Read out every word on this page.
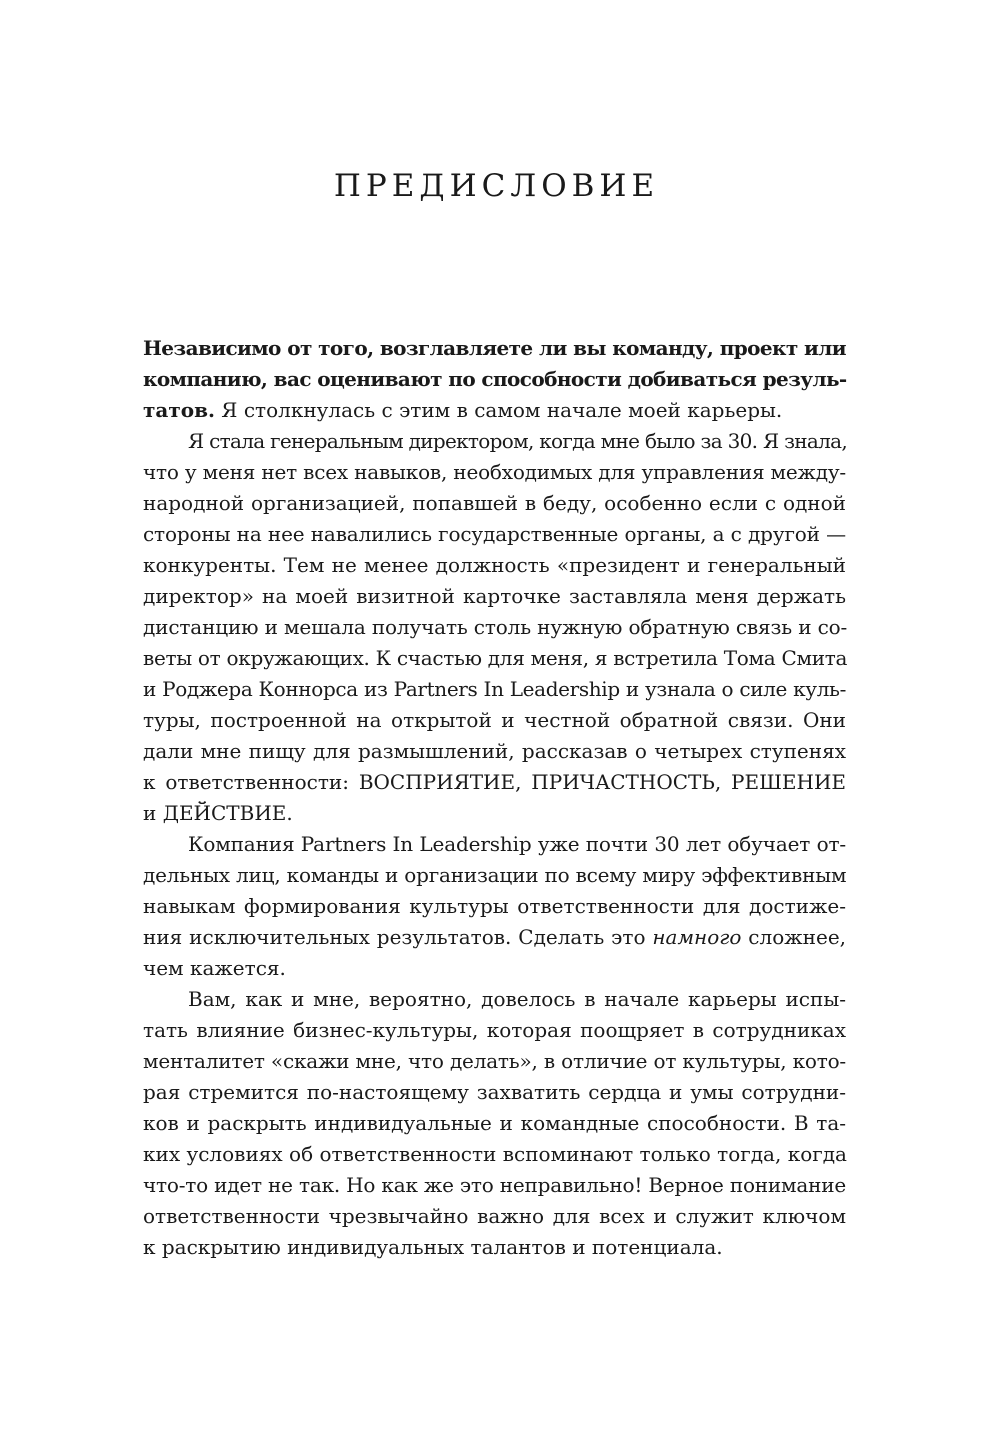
ПРЕДИСЛОВИЕ
Независимо от того, возглавляете ли вы команду, проект или
компанию, вас оценивают по способности добиваться резуль-
татов. Я столкнулась с этим в самом начале моей карьеры.
Я стала генеральным директором, когда мне было за 30. Я знала,
что у меня нет всех навыков, необходимых для управления между-
народной организацией, попавшей в беду, особенно если с одной
стороны на нее навалились государственные органы, а с другой —
конкуренты. Тем не менее должность «президент и генеральный
директор» на моей визитной карточке заставляла меня держать
дистанцию и мешала получать столь нужную обратную связь и со-
веты от окружающих. К счастью для меня, я встретила Тома Смита
и Роджера Коннорса из Partners In Leadership и узнала о силе куль-
туры, построенной на открытой и честной обратной связи. Они
дали мне пищу для размышлений, рассказав о четырех ступенях
к ответственности: ВОСПРИЯТИЕ, ПРИЧАСТНОСТЬ, РЕШЕНИЕ
и ДЕЙСТВИЕ.
Компания Partners In Leadership уже почти 30 лет обучает от-
дельных лиц, команды и организации по всему миру эффективным
навыкам формирования культуры ответственности для достиже-
ния исключительных результатов. Сделать это намного сложнее,
чем кажется.
Вам, как и мне, вероятно, довелось в начале карьеры испы-
тать влияние бизнес-культуры, которая поощряет в сотрудниках
менталитет «скажи мне, что делать», в отличие от культуры, кото-
рая стремится по-настоящему захватить сердца и умы сотрудни-
ков и раскрыть индивидуальные и командные способности. В та-
ких условиях об ответственности вспоминают только тогда, когда
что-то идет не так. Но как же это неправильно! Верное понимание
ответственности чрезвычайно важно для всех и служит ключом
к раскрытию индивидуальных талантов и потенциала.
